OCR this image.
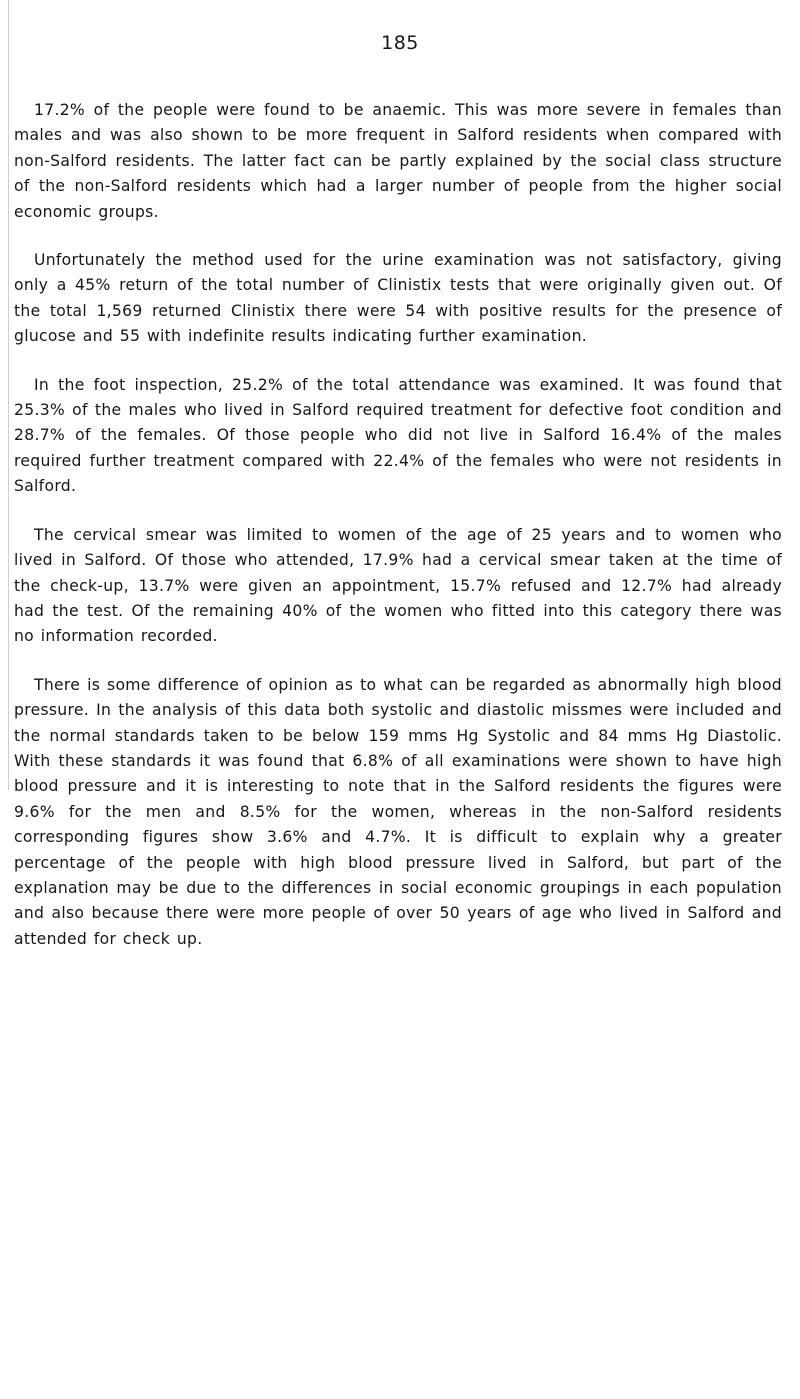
185

17.2% of the people were found to be anaemic. This was more severe in females than males and was also shown to be more frequent in Salford residents when compared with non-Salford residents. The latter fact can be partly explained by the social class structure of the non-Salford residents which had a larger number of people from the higher social economic groups.

Unfortunately the method used for the urine examination was not satisfactory, giving only a 45% return of the total number of Clinistix tests that were originally given out. Of the total 1,569 returned Clinistix there were 54 with positive results for the presence of glucose and 55 with indefinite results indicating further examination.

In the foot inspection, 25.2% of the total attendance was examined. It was found that 25.3% of the males who lived in Salford required treatment for defective foot condition and 28.7% of the females. Of those people who did not live in Salford 16.4% of the males required further treatment compared with 22.4% of the females who were not residents in Salford.

The cervical smear was limited to women of the age of 25 years and to women who lived in Salford. Of those who attended, 17.9% had a cervical smear taken at the time of the check-up, 13.7% were given an appointment, 15.7% refused and 12.7% had already had the test. Of the remaining 40% of the women who fitted into this category there was no information recorded.

There is some difference of opinion as to what can be regarded as abnormally high blood pressure. In the analysis of this data both systolic and diastolic missmes were included and the normal standards taken to be below 159 mms Hg Systolic and 84 mms Hg Diastolic. With these standards it was found that 6.8% of all examinations were shown to have high blood pressure and it is interesting to note that in the Salford residents the figures were 9.6% for the men and 8.5% for the women, whereas in the non-Salford residents corresponding figures show 3.6% and 4.7%. It is difficult to explain why a greater percentage of the people with high blood pressure lived in Salford, but part of the explanation may be due to the differences in social economic groupings in each population and also because there were more people of over 50 years of age who lived in Salford and attended for check up.
